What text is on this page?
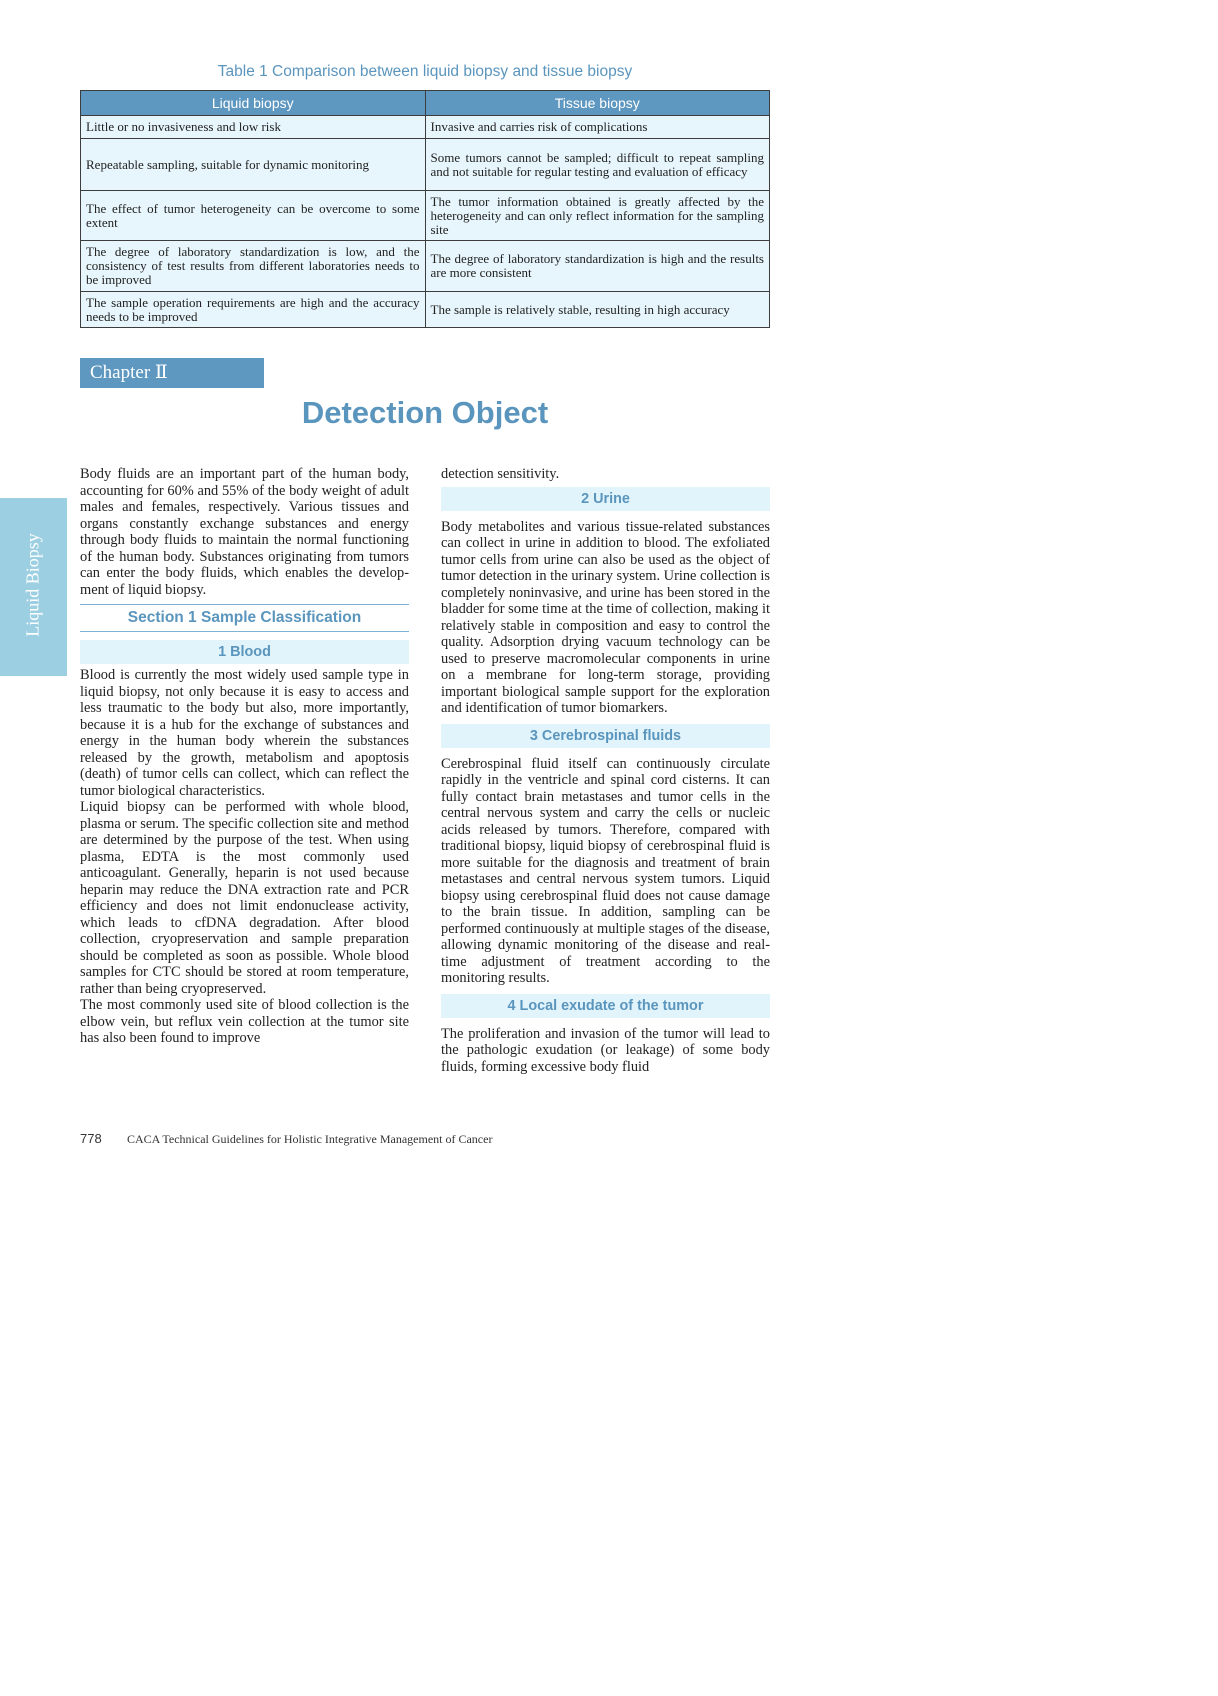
Table 1 Comparison between liquid biopsy and tissue biopsy
Liquid biopsy	Tissue biopsy
Little or no invasiveness and low risk	Invasive and carries risk of complications
Repeatable sampling, suitable for dynamic monitoring	Some tumors cannot be sampled; difficult to repeat sampling and not suitable for regular testing and evaluation of efficacy
The effect of tumor heterogeneity can be overcome to some extent	The tumor information obtained is greatly affected by the heterogeneity and can only reflect information for the sampling site
The degree of laboratory standardization is low, and the consistency of test results from different laboratories needs to be improved	The degree of laboratory standardization is high and the results are more consistent
The sample operation requirements are high and the accuracy needs to be improved	The sample is relatively stable, resulting in high accuracy
Chapter Ⅱ
Detection Object
Liquid Biopsy

Body fluids are an important part of the human body, accounting for 60% and 55% of the body weight of adult males and females, respectively. Various tissues and organs constantly exchange substances and energy through body fluids to maintain the normal functioning of the human body. Substances originating from tumors can enter the body fluids, which enables the development of liquid biopsy.

Section 1 Sample Classification
1 Blood

Blood is currently the most widely used sample type in liquid biopsy, not only because it is easy to access and less traumatic to the body but also, more importantly, because it is a hub for the exchange of substances and energy in the human body wherein the substances released by the growth, metabolism and apoptosis (death) of tumor cells can collect, which can reflect the tumor biological characteristics.

Liquid biopsy can be performed with whole blood, plasma or serum. The specific collection site and method are determined by the purpose of the test. When using plasma, EDTA is the most commonly used anticoagulant. Generally, heparin is not used because heparin may reduce the DNA extraction rate and PCR efficiency and does not limit endonuclease activity, which leads to cfDNA degradation. After blood collection, cryopreservation and sample preparation should be completed as soon as possible. Whole blood samples for CTC should be stored at room temperature, rather than being cryopreserved.

The most commonly used site of blood collection is the elbow vein, but reflux vein collection at the tumor site has also been found to improve

detection sensitivity.

2 Urine

Body metabolites and various tissue-related substances can collect in urine in addition to blood. The exfoliated tumor cells from urine can also be used as the object of tumor detection in the urinary system. Urine collection is completely noninvasive, and urine has been stored in the bladder for some time at the time of collection, making it relatively stable in composition and easy to control the quality. Adsorption drying vacuum technology can be used to preserve macromolecular components in urine on a membrane for long-term storage, providing important biological sample support for the exploration and identification of tumor biomarkers.

3 Cerebrospinal fluids

Cerebrospinal fluid itself can continuously circulate rapidly in the ventricle and spinal cord cisterns. It can fully contact brain metastases and tumor cells in the central nervous system and carry the cells or nucleic acids released by tumors. Therefore, compared with traditional biopsy, liquid biopsy of cerebrospinal fluid is more suitable for the diagnosis and treatment of brain metastases and central nervous system tumors. Liquid biopsy using cerebrospinal fluid does not cause damage to the brain tissue. In addition, sampling can be performed continuously at multiple stages of the disease, allowing dynamic monitoring of the disease and real-time adjustment of treatment according to the monitoring results.

4 Local exudate of the tumor

The proliferation and invasion of the tumor will lead to the pathologic exudation (or leakage) of some body fluids, forming excessive body fluid

778 CACA Technical Guidelines for Holistic Integrative Management of Cancer
